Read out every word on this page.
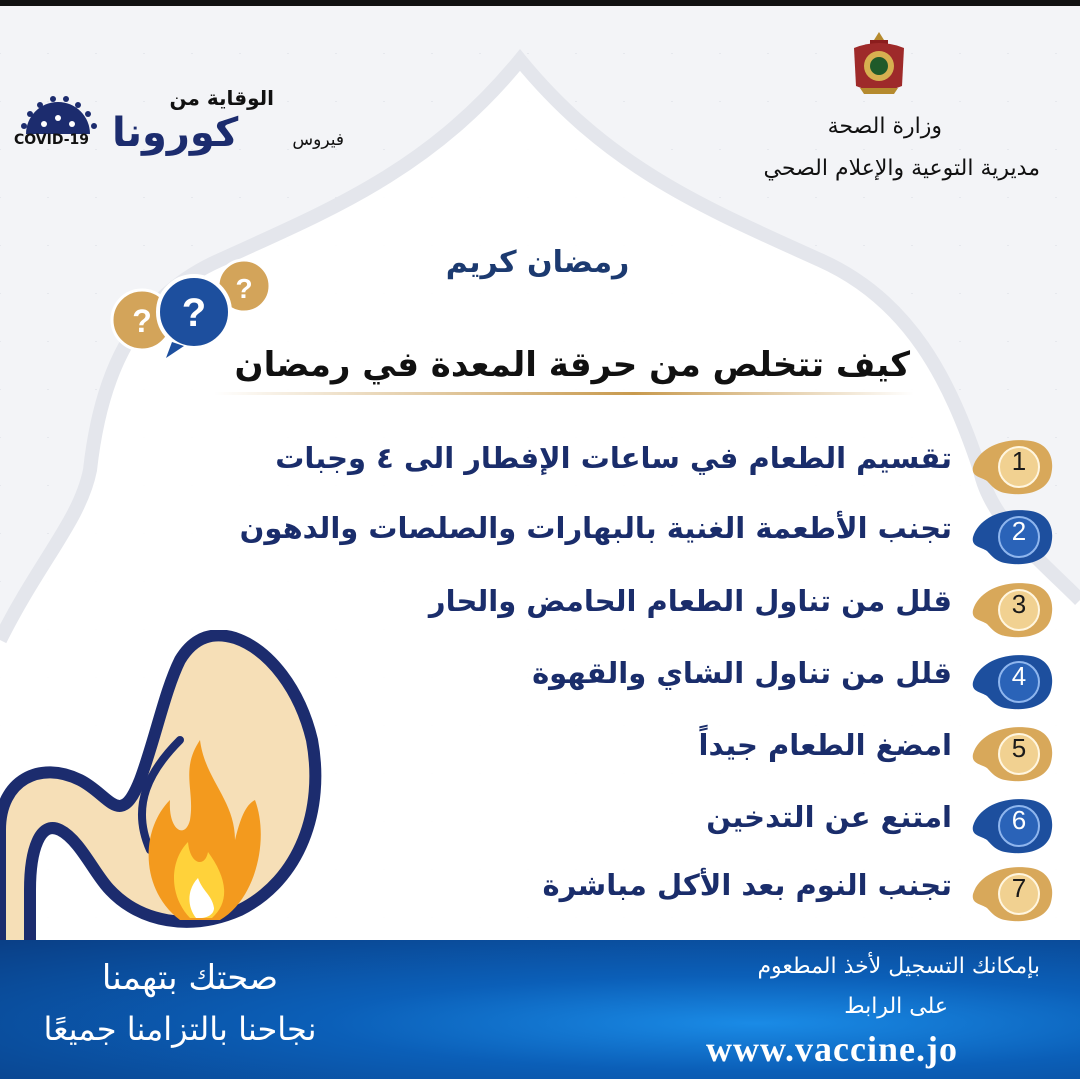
الوقاية من
COVID-19 كورونا	فيروس
وزارة الصحة
مديرية التوعية والإعلام الصحي
رمضان كريم
?
?
?
كيف تتخلص من حرقة المعدة في رمضان
1
تقسيم الطعام في ساعات الإفطار الى ٤ وجبات
2
تجنب الأطعمة الغنية بالبهارات والصلصات والدهون
3
قلل من تناول الطعام الحامض والحار
4
قلل من تناول الشاي والقهوة
5
امضغ الطعام جيداً
6
امتنع عن التدخين
7
تجنب النوم بعد الأكل مباشرة
صحتك بتهمنا
نجاحنا بالتزامنا جميعًا
بإمكانك التسجيل لأخذ المطعوم
على الرابط
www.vaccine.jo
